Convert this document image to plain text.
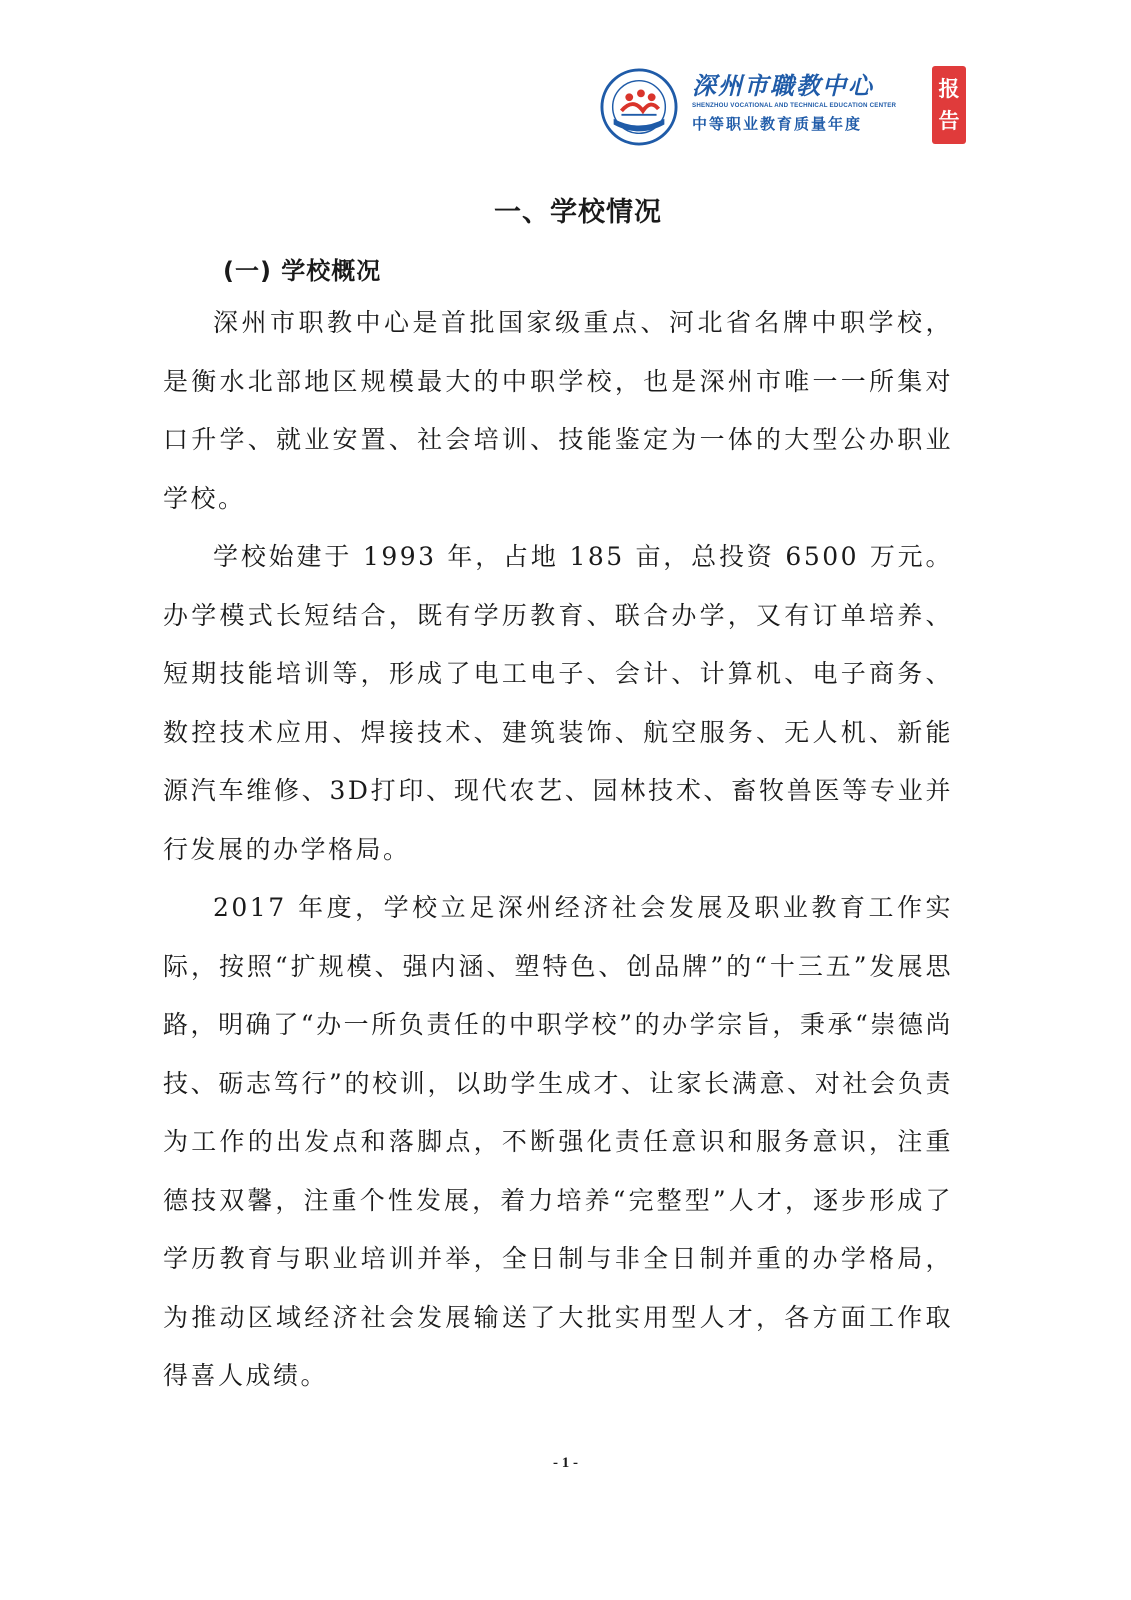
深州市職教中心
SHENZHOU VOCATIONAL AND TECHNICAL EDUCATION CENTER
中等职业教育质量年度
报
告
一、学校情况
(一) 学校概况

深州市职教中心是首批国家级重点、河北省名牌中职学校，是衡水北部地区规模最大的中职学校，也是深州市唯一一所集对口升学、就业安置、社会培训、技能鉴定为一体的大型公办职业学校。

学校始建于 1993 年，占地 185 亩，总投资 6500 万元。办学模式长短结合，既有学历教育、联合办学，又有订单培养、短期技能培训等，形成了电工电子、会计、计算机、电子商务、数控技术应用、焊接技术、建筑装饰、航空服务、无人机、新能源汽车维修、3D打印、现代农艺、园林技术、畜牧兽医等专业并行发展的办学格局。

2017 年度，学校立足深州经济社会发展及职业教育工作实际，按照“扩规模、强内涵、塑特色、创品牌”的“十三五”发展思路，明确了“办一所负责任的中职学校”的办学宗旨，秉承“崇德尚技、砺志笃行”的校训，以助学生成才、让家长满意、对社会负责为工作的出发点和落脚点，不断强化责任意识和服务意识，注重德技双馨，注重个性发展，着力培养“完整型”人才，逐步形成了学历教育与职业培训并举，全日制与非全日制并重的办学格局，为推动区域经济社会发展输送了大批实用型人才，各方面工作取得喜人成绩。

- 1 -
